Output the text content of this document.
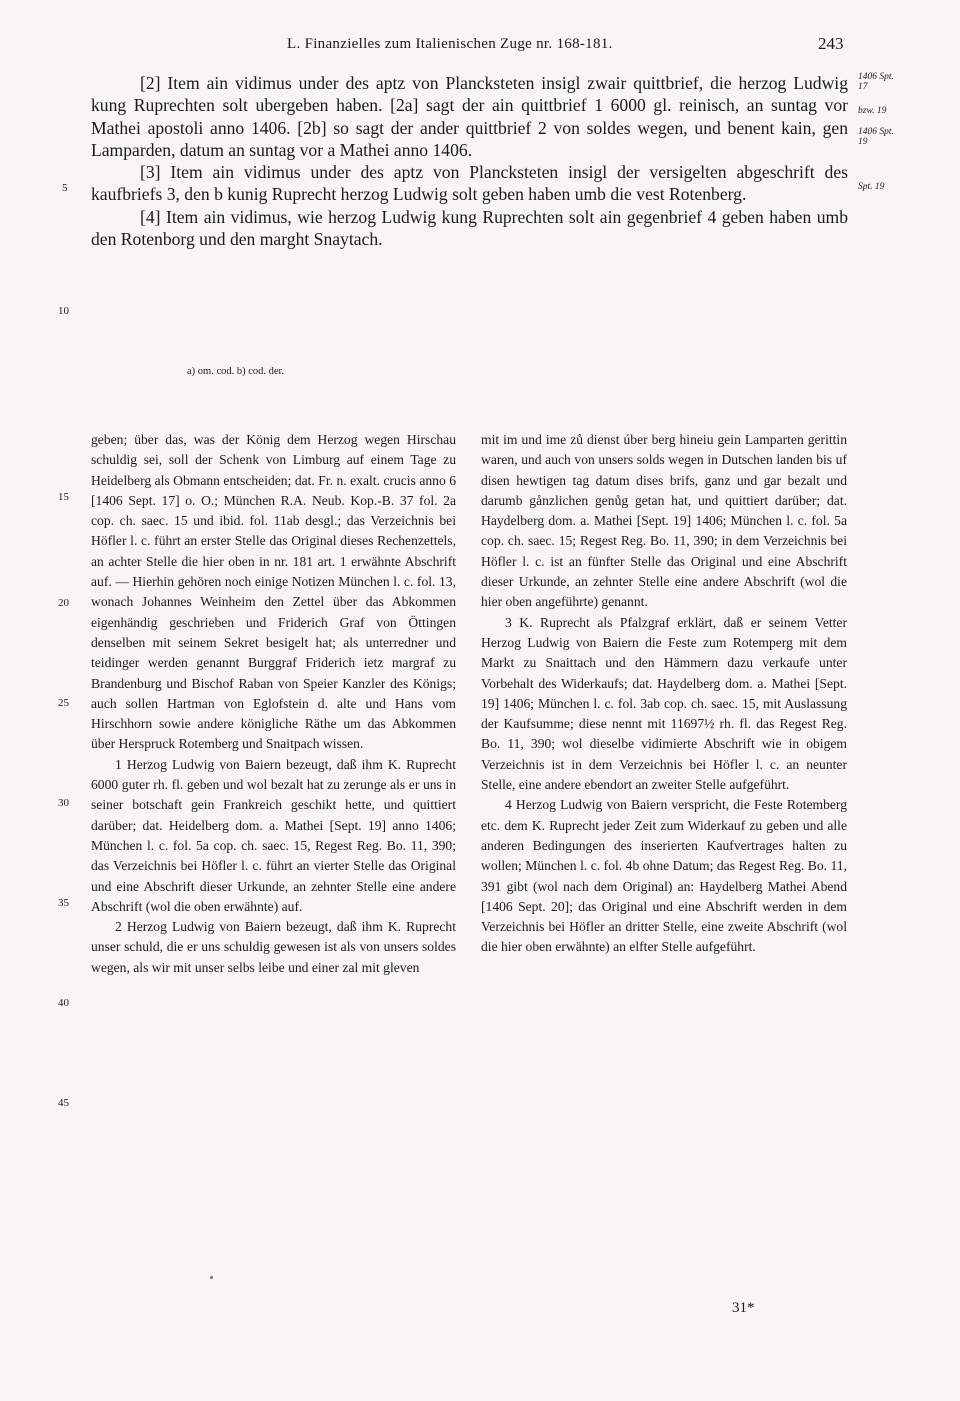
L. Finanzielles zum Italienischen Zuge nr. 168-181.	243

[2] Item ain vidimus under des aptz von Plancksteten insigl zwair quittbrief, die herzog Ludwig kung Ruprechten solt ubergeben haben. [2a] sagt der ain quittbrief 1 6000 gl. reinisch, an suntag vor Mathei apostoli anno 1406. [2b] so sagt der ander quittbrief 2 von soldes wegen, und benent kain, gen Lamparden, datum an suntag vor a Mathei anno 1406.

[3] Item ain vidimus under des aptz von Plancksteten insigl der versigelten abgeschrift des kaufbriefs 3, den b kunig Ruprecht herzog Ludwig solt geben haben umb die vest Rotenberg.

[4] Item ain vidimus, wie herzog Ludwig kung Ruprechten solt ain gegenbrief 4 geben haben umb den Rotenborg und den marght Snaytach.

1406 Spt. 17
bzw. 19
1406 Spt. 19
Spt. 19
5
10
15
20
25
30
35
40
45
a) om. cod. b) cod. der.

geben; über das, was der König dem Herzog wegen Hirschau schuldig sei, soll der Schenk von Limburg auf einem Tage zu Heidelberg als Obmann entscheiden; dat. Fr. n. exalt. crucis anno 6 [1406 Sept. 17] o. O.; München R.A. Neub. Kop.-B. 37 fol. 2a cop. ch. saec. 15 und ibid. fol. 11ab desgl.; das Verzeichnis bei Höfler l. c. führt an erster Stelle das Original dieses Rechenzettels, an achter Stelle die hier oben in nr. 181 art. 1 erwähnte Abschrift auf. — Hierhin gehören noch einige Notizen München l. c. fol. 13, wonach Johannes Weinheim den Zettel über das Abkommen eigenhändig geschrieben und Friderich Graf von Öttingen denselben mit seinem Sekret besigelt hat; als unterredner und teidinger werden genannt Burggraf Friderich ietz margraf zu Brandenburg und Bischof Raban von Speier Kanzler des Königs; auch sollen Hartman von Eglofstein d. alte und Hans vom Hirschhorn sowie andere königliche Räthe um das Abkommen über Herspruck Rotemberg und Snaitpach wissen.

1 Herzog Ludwig von Baiern bezeugt, daß ihm K. Ruprecht 6000 guter rh. fl. geben und wol bezalt hat zu zerunge als er uns in seiner botschaft gein Frankreich geschikt hette, und quittiert darüber; dat. Heidelberg dom. a. Mathei [Sept. 19] anno 1406; München l. c. fol. 5a cop. ch. saec. 15, Regest Reg. Bo. 11, 390; das Verzeichnis bei Höfler l. c. führt an vierter Stelle das Original und eine Abschrift dieser Urkunde, an zehnter Stelle eine andere Abschrift (wol die oben erwähnte) auf.

2 Herzog Ludwig von Baiern bezeugt, daß ihm K. Ruprecht unser schuld, die er uns schuldig gewesen ist als von unsers soldes wegen, als wir mit unser selbs leibe und einer zal mit gleven

mit im und ime zů dienst úber berg hineiu gein Lamparten gerittin waren, und auch von unsers solds wegen in Dutschen landen bis uf disen hewtigen tag datum dises brifs, ganz und gar bezalt und darumb gånzlichen genůg getan hat, und quittiert darüber; dat. Haydelberg dom. a. Mathei [Sept. 19] 1406; München l. c. fol. 5a cop. ch. saec. 15; Regest Reg. Bo. 11, 390; in dem Verzeichnis bei Höfler l. c. ist an fünfter Stelle das Original und eine Abschrift dieser Urkunde, an zehnter Stelle eine andere Abschrift (wol die hier oben angeführte) genannt.

3 K. Ruprecht als Pfalzgraf erklärt, daß er seinem Vetter Herzog Ludwig von Baiern die Feste zum Rotemperg mit dem Markt zu Snaittach und den Hämmern dazu verkaufe unter Vorbehalt des Widerkaufs; dat. Haydelberg dom. a. Mathei [Sept. 19] 1406; München l. c. fol. 3ab cop. ch. saec. 15, mit Auslassung der Kaufsumme; diese nennt mit 11697½ rh. fl. das Regest Reg. Bo. 11, 390; wol dieselbe vidimierte Abschrift wie in obigem Verzeichnis ist in dem Verzeichnis bei Höfler l. c. an neunter Stelle, eine andere ebendort an zweiter Stelle aufgeführt.

4 Herzog Ludwig von Baiern verspricht, die Feste Rotemberg etc. dem K. Ruprecht jeder Zeit zum Widerkauf zu geben und alle anderen Bedingungen des inserierten Kaufvertrages halten zu wollen; München l. c. fol. 4b ohne Datum; das Regest Reg. Bo. 11, 391 gibt (wol nach dem Original) an: Haydelberg Mathei Abend [1406 Sept. 20]; das Original und eine Abschrift werden in dem Verzeichnis bei Höfler an dritter Stelle, eine zweite Abschrift (wol die hier oben erwähnte) an elfter Stelle aufgeführt.

31*
